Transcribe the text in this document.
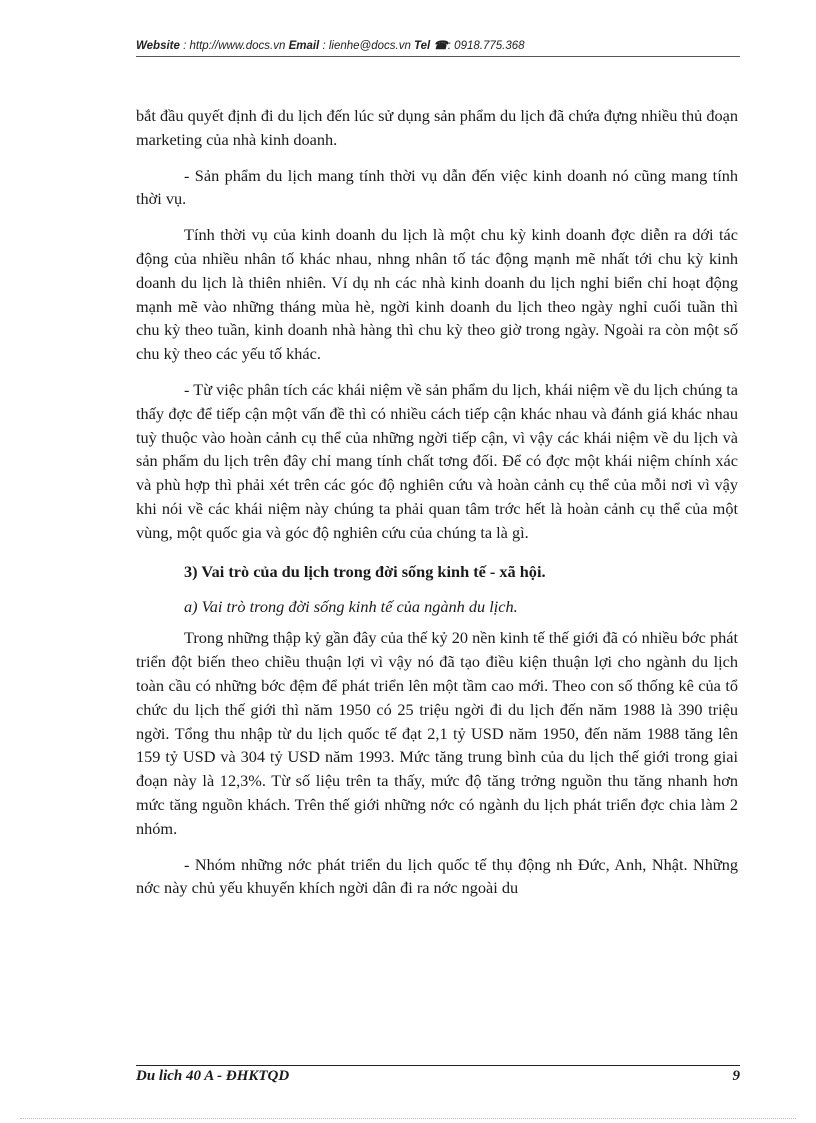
Website : http://www.docs.vn Email : lienhe@docs.vn Tel ☎: 0918.775.368

bắt đầu quyết định đi du lịch đến lúc sử dụng sản phẩm du lịch đã chứa đựng nhiều thủ đoạn marketing của nhà kinh doanh.

- Sản phẩm du lịch mang tính thời vụ dẫn đến việc kinh doanh nó cũng mang tính thời vụ.

Tính thời vụ của kinh doanh du lịch là một chu kỳ kinh doanh đợc diễn ra dới tác động của nhiều nhân tố khác nhau, nhng nhân tố tác động mạnh mẽ nhất tới chu kỳ kinh doanh du lịch là thiên nhiên. Ví dụ nh các nhà kinh doanh du lịch nghỉ biển chỉ hoạt động mạnh mẽ vào những tháng mùa hè, ngời kinh doanh du lịch theo ngày nghỉ cuối tuần thì chu kỳ theo tuần, kinh doanh nhà hàng thì chu kỳ theo giờ trong ngày. Ngoài ra còn một số chu kỳ theo các yếu tố khác.

- Từ việc phân tích các khái niệm về sản phẩm du lịch, khái niệm về du lịch chúng ta thấy đợc để tiếp cận một vấn đề thì có nhiều cách tiếp cận khác nhau và đánh giá khác nhau tuỳ thuộc vào hoàn cảnh cụ thể của những ngời tiếp cận, vì vậy các khái niệm về du lịch và sản phẩm du lịch trên đây chỉ mang tính chất tơng đối. Để có đợc một khái niệm chính xác và phù hợp thì phải xét trên các góc độ nghiên cứu và hoàn cảnh cụ thể của mỗi nơi vì vậy khi nói về các khái niệm này chúng ta phải quan tâm trớc hết là hoàn cảnh cụ thể của một vùng, một quốc gia và góc độ nghiên cứu của chúng ta là gì.

3) Vai trò của du lịch trong đời sống kinh tế - xã hội.

a) Vai trò trong đời sống kinh tế của ngành du lịch.

Trong những thập kỷ gần đây của thế kỷ 20 nền kinh tế thế giới đã có nhiều bớc phát triển đột biến theo chiều thuận lợi vì vậy nó đã tạo điều kiện thuận lợi cho ngành du lịch toàn cầu có những bớc đệm để phát triển lên một tầm cao mới. Theo con số thống kê của tổ chức du lịch thế giới thì năm 1950 có 25 triệu ngời đi du lịch đến năm 1988 là 390 triệu ngời. Tổng thu nhập từ du lịch quốc tế đạt 2,1 tỷ USD năm 1950, đến năm 1988 tăng lên 159 tỷ USD và 304 tỷ USD năm 1993. Mức tăng trung bình của du lịch thế giới trong giai đoạn này là 12,3%. Từ số liệu trên ta thấy, mức độ tăng trởng nguồn thu tăng nhanh hơn mức tăng nguồn khách. Trên thế giới những nớc có ngành du lịch phát triển đợc chia làm 2 nhóm.

- Nhóm những nớc phát triển du lịch quốc tế thụ động nh Đức, Anh, Nhật. Những nớc này chủ yếu khuyến khích ngời dân đi ra nớc ngoài du

Du lich 40 A - ĐHKTQD	9
